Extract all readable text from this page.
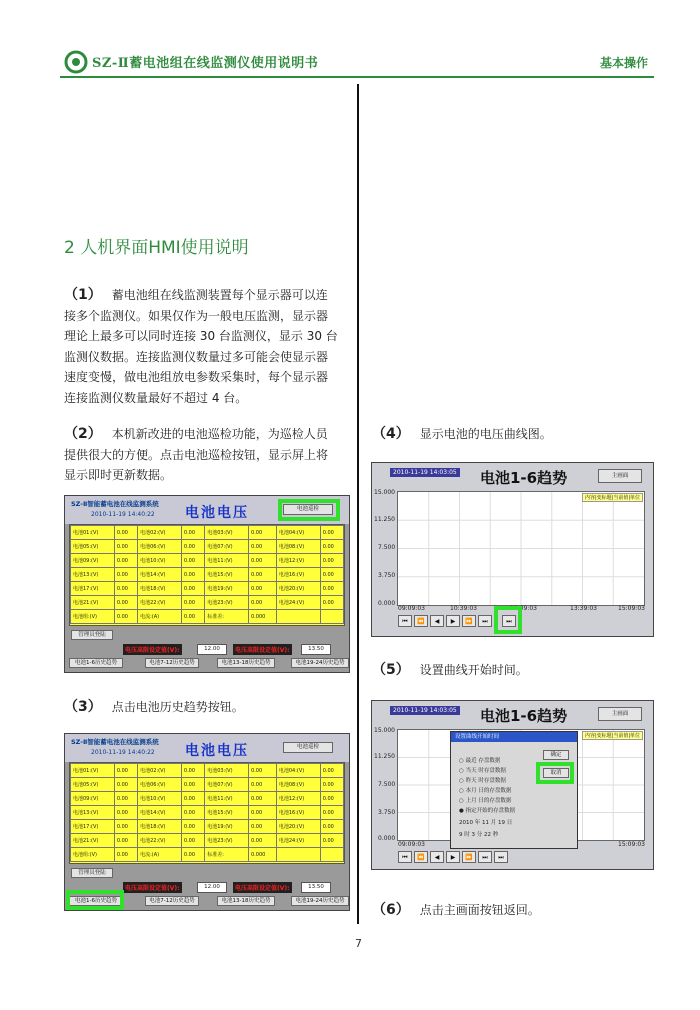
SZ-Ⅱ蓄电池组在线监测仪使用说明书	基本操作
2 人机界面HMI使用说明
（1） 蓄电池组在线监测装置每个显示器可以连
接多个监测仪。如果仅作为一般电压监测，显示器
理论上最多可以同时连接 30 台监测仪，显示 30 台
监测仪数据。连接监测仪数量过多可能会使显示器
速度变慢，做电池组放电参数采集时，每个显示器
连接监测仪数量最好不超过 4 台。
（2） 本机新改进的电池巡检功能，为巡检人员
提供很大的方便。点击电池巡检按钮，显示屏上将
显示即时更新数据。
SZ-Ⅱ智能蓄电池在线监测系统
2010-11-19 14:40:22 电池电压	电池巡检
电池01:(V)	0.00	电池02:(V)	0.00	电池03:(V)	0.00	电池04:(V)	0.00
电池05:(V)	0.00	电池06:(V)	0.00	电池07:(V)	0.00	电池08:(V)	0.00
电池09:(V)	0.00	电池10:(V)	0.00	电池11:(V)	0.00	电池12:(V)	0.00
电池13:(V)	0.00	电池14:(V)	0.00	电池15:(V)	0.00	电池16:(V)	0.00
电池17:(V)	0.00	电池18:(V)	0.00	电池19:(V)	0.00	电池20:(V)	0.00
电池21:(V)	0.00	电池22:(V)	0.00	电池23:(V)	0.00	电池24:(V)	0.00
电池组:(V)	0.00	电流:(A)	0.00	标准差:	0.000		
管理员登陆
电压高限设定值(V):	12.00	电压高限设定值(V):	13.50
电池1-6历史趋势	电池7-12历史趋势	电池13-18历史趋势	电池19-24历史趋势
（3） 点击电池历史趋势按钮。
SZ-Ⅱ智能蓄电池在线监测系统
2010-11-19 14:40:22 电池电压	电池巡检
电池01:(V)	0.00	电池02:(V)	0.00	电池03:(V)	0.00	电池04:(V)	0.00
电池05:(V)	0.00	电池06:(V)	0.00	电池07:(V)	0.00	电池08:(V)	0.00
电池09:(V)	0.00	电池10:(V)	0.00	电池11:(V)	0.00	电池12:(V)	0.00
电池13:(V)	0.00	电池14:(V)	0.00	电池15:(V)	0.00	电池16:(V)	0.00
电池17:(V)	0.00	电池18:(V)	0.00	电池19:(V)	0.00	电池20:(V)	0.00
电池21:(V)	0.00	电池22:(V)	0.00	电池23:(V)	0.00	电池24:(V)	0.00
电池组:(V)	0.00	电流:(A)	0.00	标准差:	0.000		
管理员登陆
电压高限设定值(V):	12.00	电压高限设定值(V):	13.50
电池1-6历史趋势	电池7-12历史趋势	电池13-18历史趋势	电池19-24历史趋势
（4） 显示电池的电压曲线图。
2010-11-19 14:03:05 电池1-6趋势	主画面
内容|变标题|当前值|单位
15.000
11.250
7.500
3.750
0.000
09:09:03	10:39:03	12:09:03	13:39:03	15:09:03
⏮	⏪	◀	▶	⏩	⏭	⏭
（5） 设置曲线开始时间。
2010-11-19 14:03:05 电池1-6趋势	主画面
内容|变标题|当前值|单位
15.000
11.250
7.500
3.750
0.000
09:09:03	15:09:03
⏮	⏪	◀	▶	⏩	⏭	⏭
设置曲线开始时间
确定
取消
○ 最近 存盘数据
○ 当天 时存盘数据
○ 昨天 时存盘数据
○ 本月 日的存盘数据
○ 上月 日的存盘数据
● 指定开始的存盘数据
2010 年 11 月 19 日
9 时 3 分 22 秒
（6） 点击主画面按钮返回。
7
